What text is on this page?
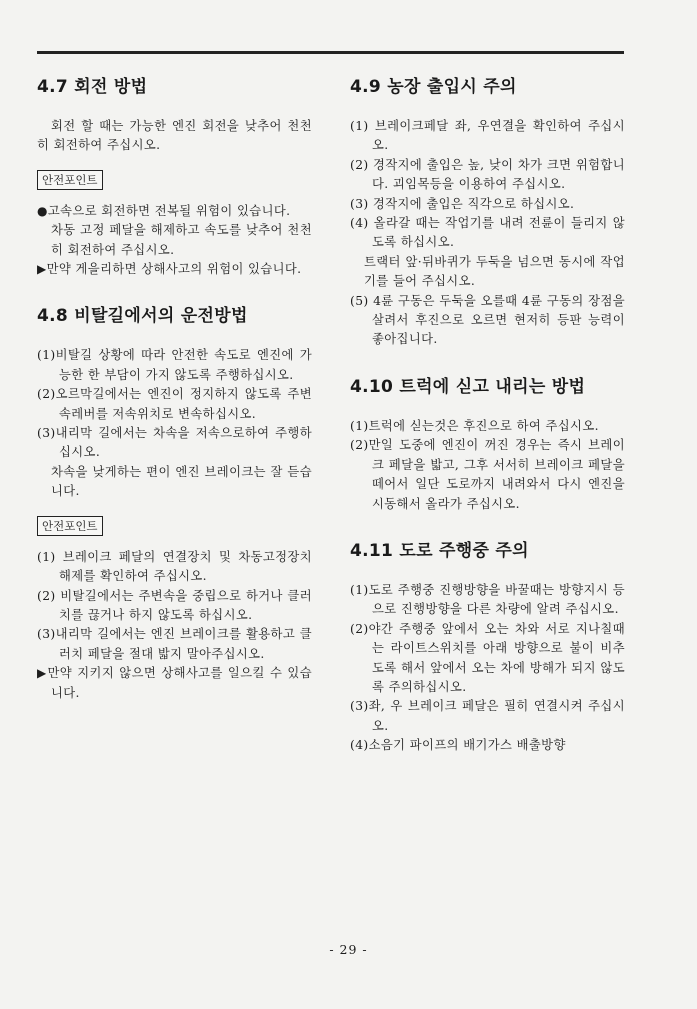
4.7 회전 방법

회전 할 때는 가능한 엔진 회전을 낮추어 천천히 회전하여 주십시오.

안전포인트

●고속으로 회전하면 전복될 위험이 있습니다.

차동 고정 페달을 해제하고 속도를 낮추어 천천히 회전하여 주십시오.

▶만약 게을리하면 상해사고의 위험이 있습니다.

4.8 비탈길에서의 운전방법

(1)비탈길 상황에 따라 안전한 속도로 엔진에 가능한 한 부담이 가지 않도록 주행하십시오.

(2)오르막길에서는 엔진이 정지하지 않도록 주변속레버를 저속위치로 변속하십시오.

(3)내리막 길에서는 차속을 저속으로하여 주행하십시오.

차속을 낮게하는 편이 엔진 브레이크는 잘 듣습니다.

안전포인트

(1) 브레이크 페달의 연결장치 및 차동고정장치 해제를 확인하여 주십시오.

(2) 비탈길에서는 주변속을 중립으로 하거나 클러치를 끊거나 하지 않도록 하십시오.

(3)내리막 길에서는 엔진 브레이크를 활용하고 클러치 페달을 절대 밟지 말아주십시오.

▶만약 지키지 않으면 상해사고를 일으킬 수 있습니다.

4.9 농장 출입시 주의

(1) 브레이크페달 좌, 우연결을 확인하여 주십시오.

(2) 경작지에 출입은 높, 낮이 차가 크면 위험합니다. 괴임목등을 이용하여 주십시오.

(3) 경작지에 출입은 직각으로 하십시오.

(4) 올라갈 때는 작업기를 내려 전륜이 들리지 않도록 하십시오.

트랙터 앞·뒤바퀴가 두둑을 넘으면 동시에 작업기를 들어 주십시오.

(5) 4륜 구동은 두둑을 오를때 4륜 구동의 장점을 살려서 후진으로 오르면 현저히 등판 능력이 좋아집니다.

4.10 트럭에 싣고 내리는 방법

(1)트럭에 싣는것은 후진으로 하여 주십시오.

(2)만일 도중에 엔진이 꺼진 경우는 즉시 브레이크 페달을 밟고, 그후 서서히 브레이크 페달을 떼어서 일단 도로까지 내려와서 다시 엔진을 시동해서 올라가 주십시오.

4.11 도로 주행중 주의

(1)도로 주행중 진행방향을 바꿀때는 방향지시 등으로 진행방향을 다른 차량에 알려 주십시오.

(2)야간 주행중 앞에서 오는 차와 서로 지나칠때는 라이트스위치를 아래 방향으로 불이 비추도록 해서 앞에서 오는 차에 방해가 되지 않도록 주의하십시오.

(3)좌, 우 브레이크 페달은 필히 연결시켜 주십시오.

(4)소음기 파이프의 배기가스 배출방향

- 29 -
